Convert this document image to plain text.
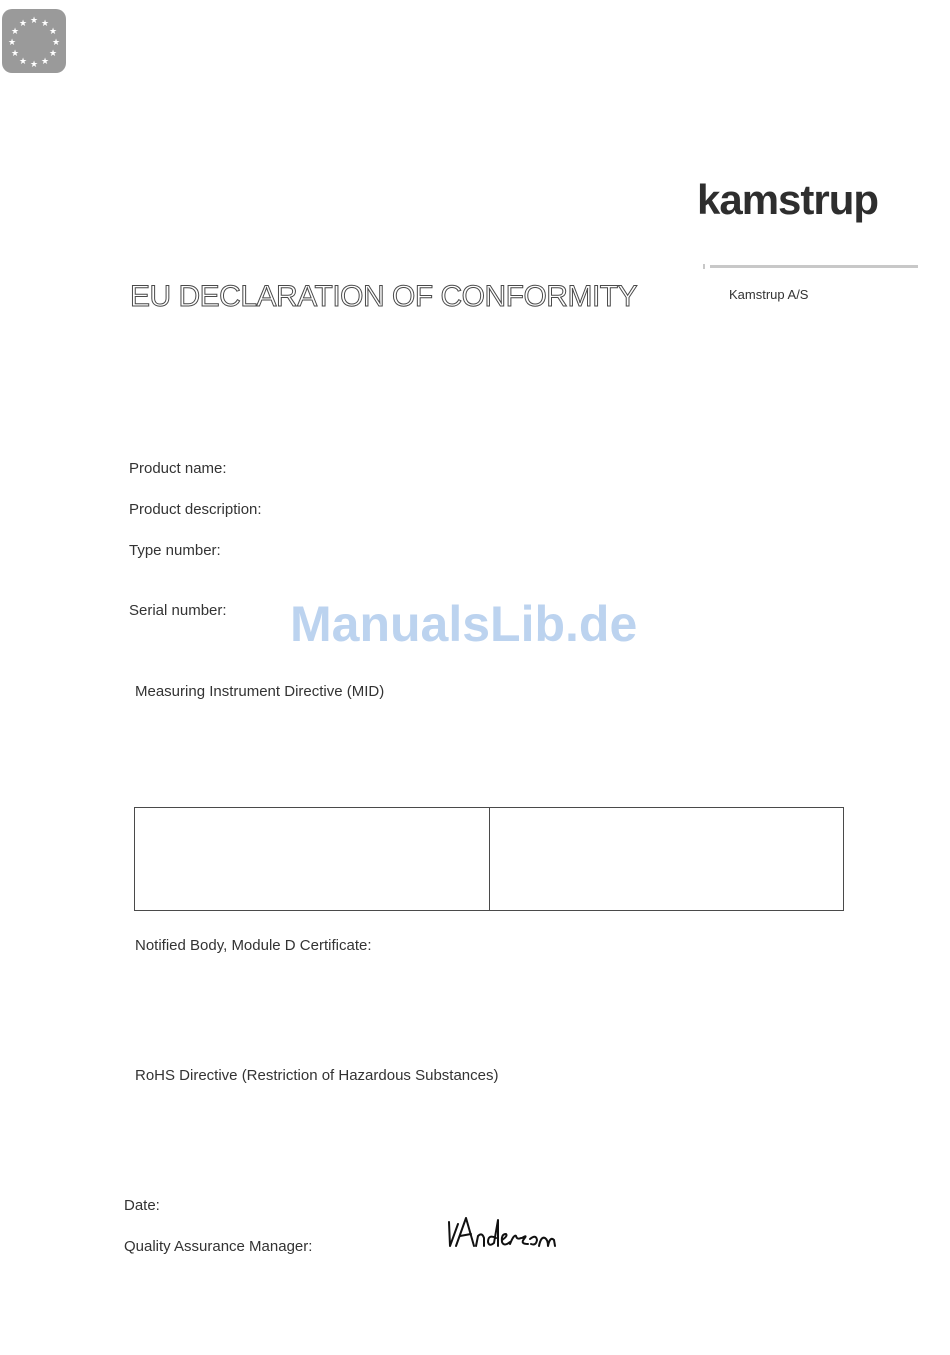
★ ★
★
★
★
★
★
★
★
★
★
★
kamstrup
Kamstrup A/S
EU DECLARATION OF CONFORMITY
Product name:
Product description:
Type number:
Serial number: ManualsLib.de
Measuring Instrument Directive (MID)
Notified Body, Module D Certificate:
RoHS Directive (Restriction of Hazardous Substances)
Date:
Quality Assurance Manager:
